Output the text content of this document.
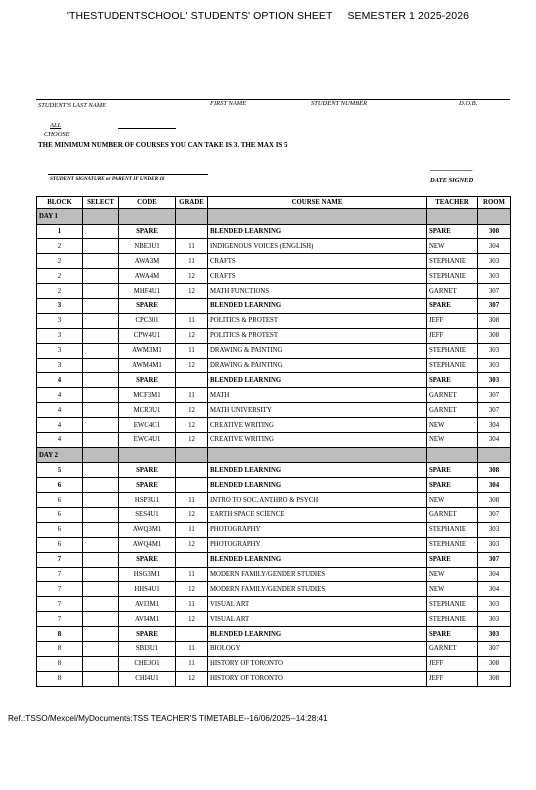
'THESTUDENTSCHOOL' STUDENTS' OPTION SHEET     SEMESTER 1 2025-2026
STUDENT'S LAST NAME	FIRST NAME	STUDENT NUMBER	D.O.B.
ALL
CHOOSE
THE MINIMUM NUMBER OF COURSES YOU CAN TAKE IS 3. THE MAX IS 5
STUDENT SIGNATURE or PARENT IF UNDER 18
-----------------------
DATE SIGNED
BLOCK	SELECT	CODE	GRADE	COURSE NAME	TEACHER	ROOM
DAY 1						
1		SPARE		BLENDED LEARNING	SPARE	308
2		NBE3U1	11	INDIGENOUS VOICES (ENGLISH)	NEW	304
2		AWA3M	11	CRAFTS	STEPHANIE	303
2		AWA4M	12	CRAFTS	STEPHANIE	303
2		MHF4U1	12	MATH FUNCTIONS	GARNET	307
3		SPARE		BLENDED LEARNING	SPARE	307
3		CPC301	11	POLITICS & PROTEST	JEFF	308
3		CPW4U1	12	POLITICS & PROTEST	JEFF	308
3		AWM3M1	11	DRAWING & PAINTING	STEPHANIE	303
3		AWM4M1	12	DRAWING & PAINTING	STEPHANIE	303
4		SPARE		BLENDED LEARNING	SPARE	303
4		MCF3M1	11	MATH	GARNET	307
4		MCR3U1	12	MATH UNIVERSITY	GARNET	307
4		EWC4C1	12	CREATIVE WRITING	NEW	304
4		EWC4U1	12	CREATIVE WRITING	NEW	304
DAY 2						
5		SPARE		BLENDED LEARNING	SPARE	308
6		SPARE		BLENDED LEARNING	SPARE	304
6		HSP3U1	11	INTRO TO SOC, ANTHRO & PSYCH	NEW	308
6		SES4U1	12	EARTH SPACE SCIENCE	GARNET	307
6		AWQ3M1	11	PHOTOGRAPHY	STEPHANIE	303
6		AWQ4M1	12	PHOTOGRAPHY	STEPHANIE	303
7		SPARE		BLENDED LEARNING	SPARE	307
7		HSG3M1	11	MODERN FAMILY/GENDER STUDIES	NEW	304
7		HHS4U1	12	MODERN FAMILY/GENDER STUDIES	NEW	304
7		AVI3M1	11	VISUAL ART	STEPHANIE	303
7		AVI4M1	12	VISUAL ART	STEPHANIE	303
8		SPARE		BLENDED LEARNING	SPARE	303
8		SBI3U1	11	BIOLOGY	GARNET	307
8		CHE3O1	11	HISTORY OF TORONTO	JEFF	308
8		CHI4U1	12	HISTORY OF TORONTO	JEFF	308
Ref.:TSSO/Mexcel/MyDocuments:TSS TEACHER'S TIMETABLE--16/06/2025--14:28:41
